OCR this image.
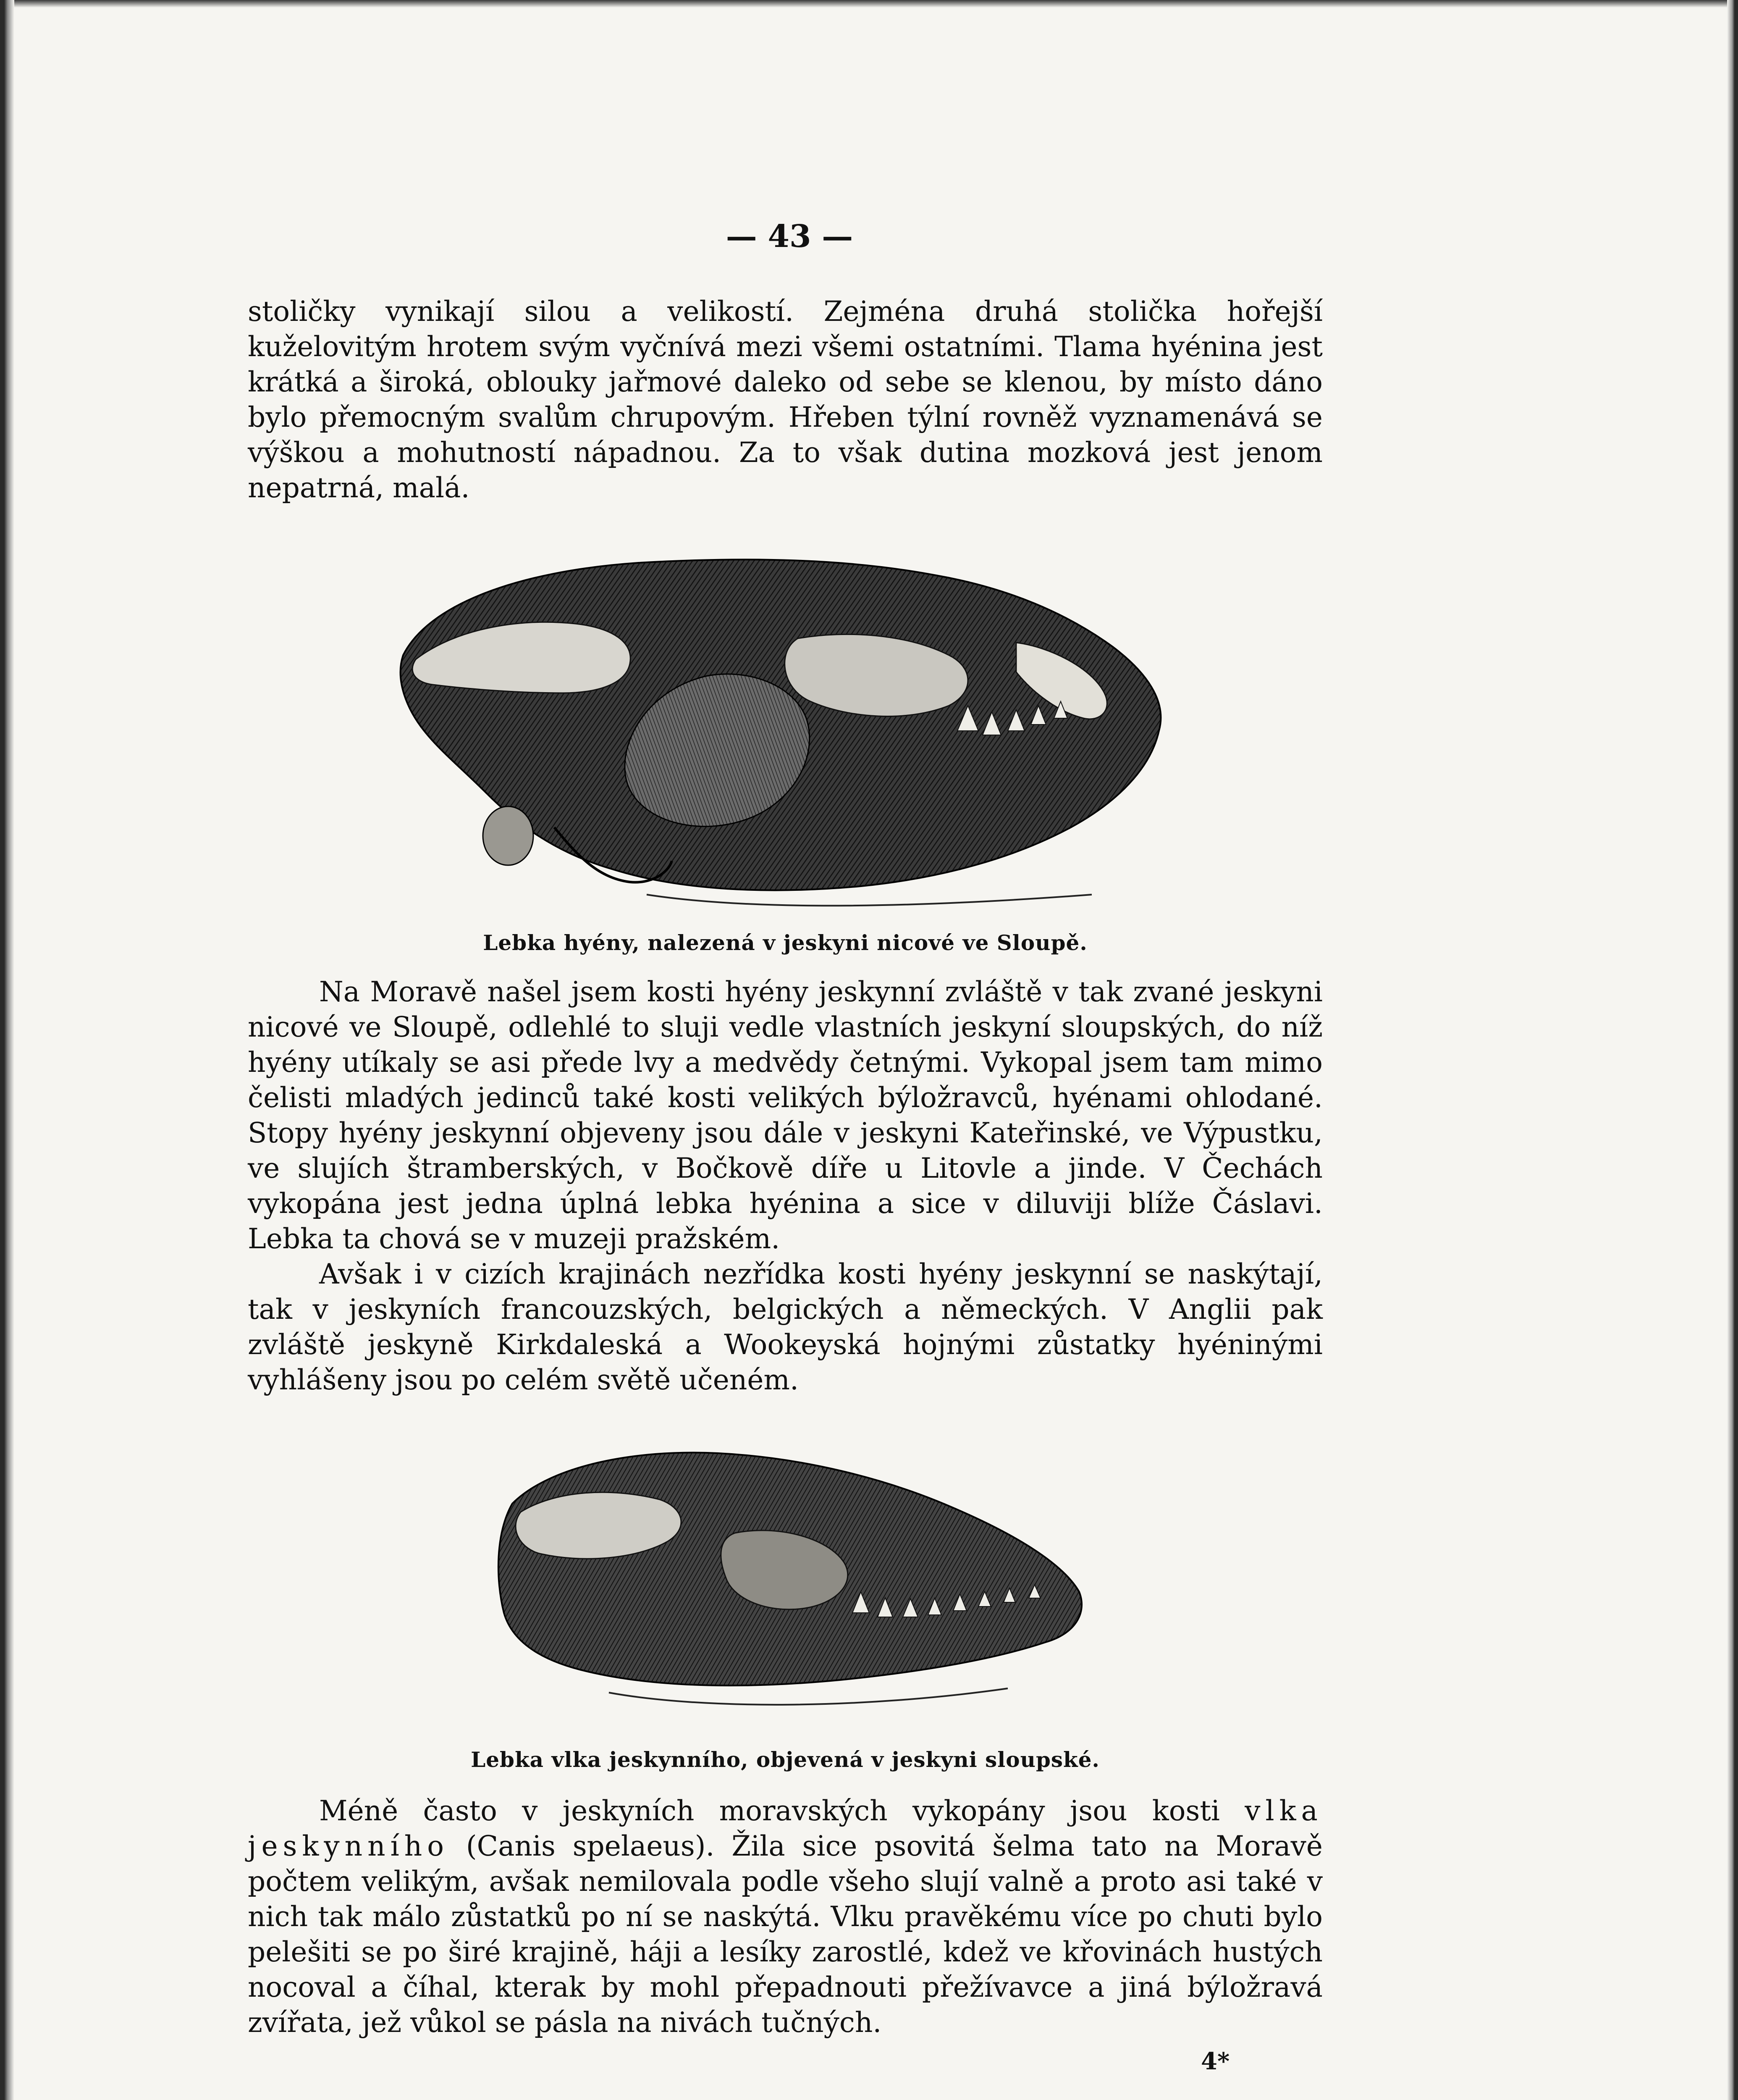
— 43 —

stoličky vynikají silou a velikostí. Zejména druhá stolička hořejší kuželovitým hrotem svým vyčnívá mezi všemi ostatními. Tlama hyénina jest krátká a široká, oblouky jařmové daleko od sebe se klenou, by místo dáno bylo přemocným svalům chrupovým. Hřeben týlní rovněž vyznamenává se výškou a mohutností nápadnou. Za to však dutina mozková jest jenom nepatrná, malá.

Lebka hyény, nalezená v jeskyni nicové ve Sloupě.

Na Moravě našel jsem kosti hyény jeskynní zvláště v tak zvané jeskyni nicové ve Sloupě, odlehlé to sluji vedle vlastních jeskyní sloupských, do níž hyény utíkaly se asi přede lvy a medvědy četnými. Vykopal jsem tam mimo čelisti mladých jedinců také kosti velikých býložravců, hyénami ohlodané. Stopy hyény jeskynní objeveny jsou dále v jeskyni Kateřinské, ve Výpustku, ve slujích štramberských, v Bočkově díře u Litovle a jinde. V Čechách vykopána jest jedna úplná lebka hyénina a sice v diluviji blíže Čáslavi. Lebka ta chová se v muzeji pražském.

Avšak i v cizích krajinách nezřídka kosti hyény jeskynní se naskýtají, tak v jeskyních francouzských, belgických a německých. V Anglii pak zvláště jeskyně Kirkdaleská a Wookeyská hojnými zůstatky hyéninými vyhlášeny jsou po celém světě učeném.

Lebka vlka jeskynního, objevená v jeskyni sloupské.

Méně často v jeskyních moravských vykopány jsou kosti vlka jeskynního (Canis spelaeus). Žila sice psovitá šelma tato na Moravě počtem velikým, avšak nemilovala podle všeho slují valně a proto asi také v nich tak málo zůstatků po ní se naskýtá. Vlku pravěkému více po chuti bylo pelešiti se po širé krajině, háji a lesíky zarostlé, kdež ve křovinách hustých nocoval a číhal, kterak by mohl přepadnouti přežívavce a jiná býložravá zvířata, jež vůkol se pásla na nivách tučných.

4*
